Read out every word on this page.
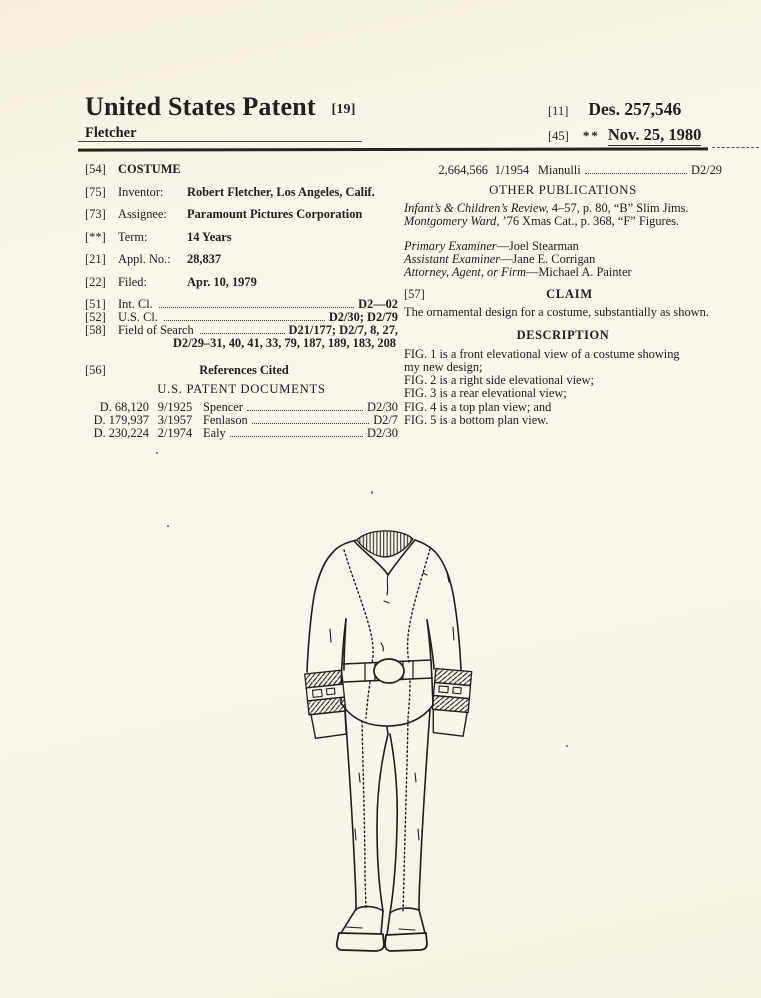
United States Patent [19]	[11] Des. 257,546
Fletcher	[45] ** Nov. 25, 1980
[54] COSTUME
[75] Inventor:	Robert Fletcher, Los Angeles, Calif.
[73] Assignee:	Paramount Pictures Corporation
[**] Term:	14 Years
[21] Appl. No.:	28,837
[22] Filed:	Apr. 10, 1979
[51] Int. Cl.	D2—02
[52] U.S. Cl.	D2/30; D2/79
[58] Field of Search	D21/177; D2/7, 8, 27,
D2/29–31, 40, 41, 33, 79, 187, 189, 183, 208
[56]	References Cited
U.S. PATENT DOCUMENTS
D. 68,120 9/1925 Spencer	D2/30
D. 179,937 3/1957 Fenlason	D2/7
D. 230,224 2/1974 Ealy	D2/30
2,664,566 1/1954 Mianulli	D2/29
OTHER PUBLICATIONS
Infant’s & Children’s Review, 4–57, p. 80, “B” Slim Jims.
Montgomery Ward, ’76 Xmas Cat., p. 368, “F” Figures.
Primary Examiner—Joel Stearman
Assistant Examiner—Jane E. Corrigan
Attorney, Agent, or Firm—Michael A. Painter
[57]	CLAIM
The ornamental design for a costume, substantially as shown.
DESCRIPTION
FIG. 1 is a front elevational view of a costume showing
my new design;
FIG. 2 is a right side elevational view;
FIG. 3 is a rear elevational view;
FIG. 4 is a top plan view; and
FIG. 5 is a bottom plan view.
